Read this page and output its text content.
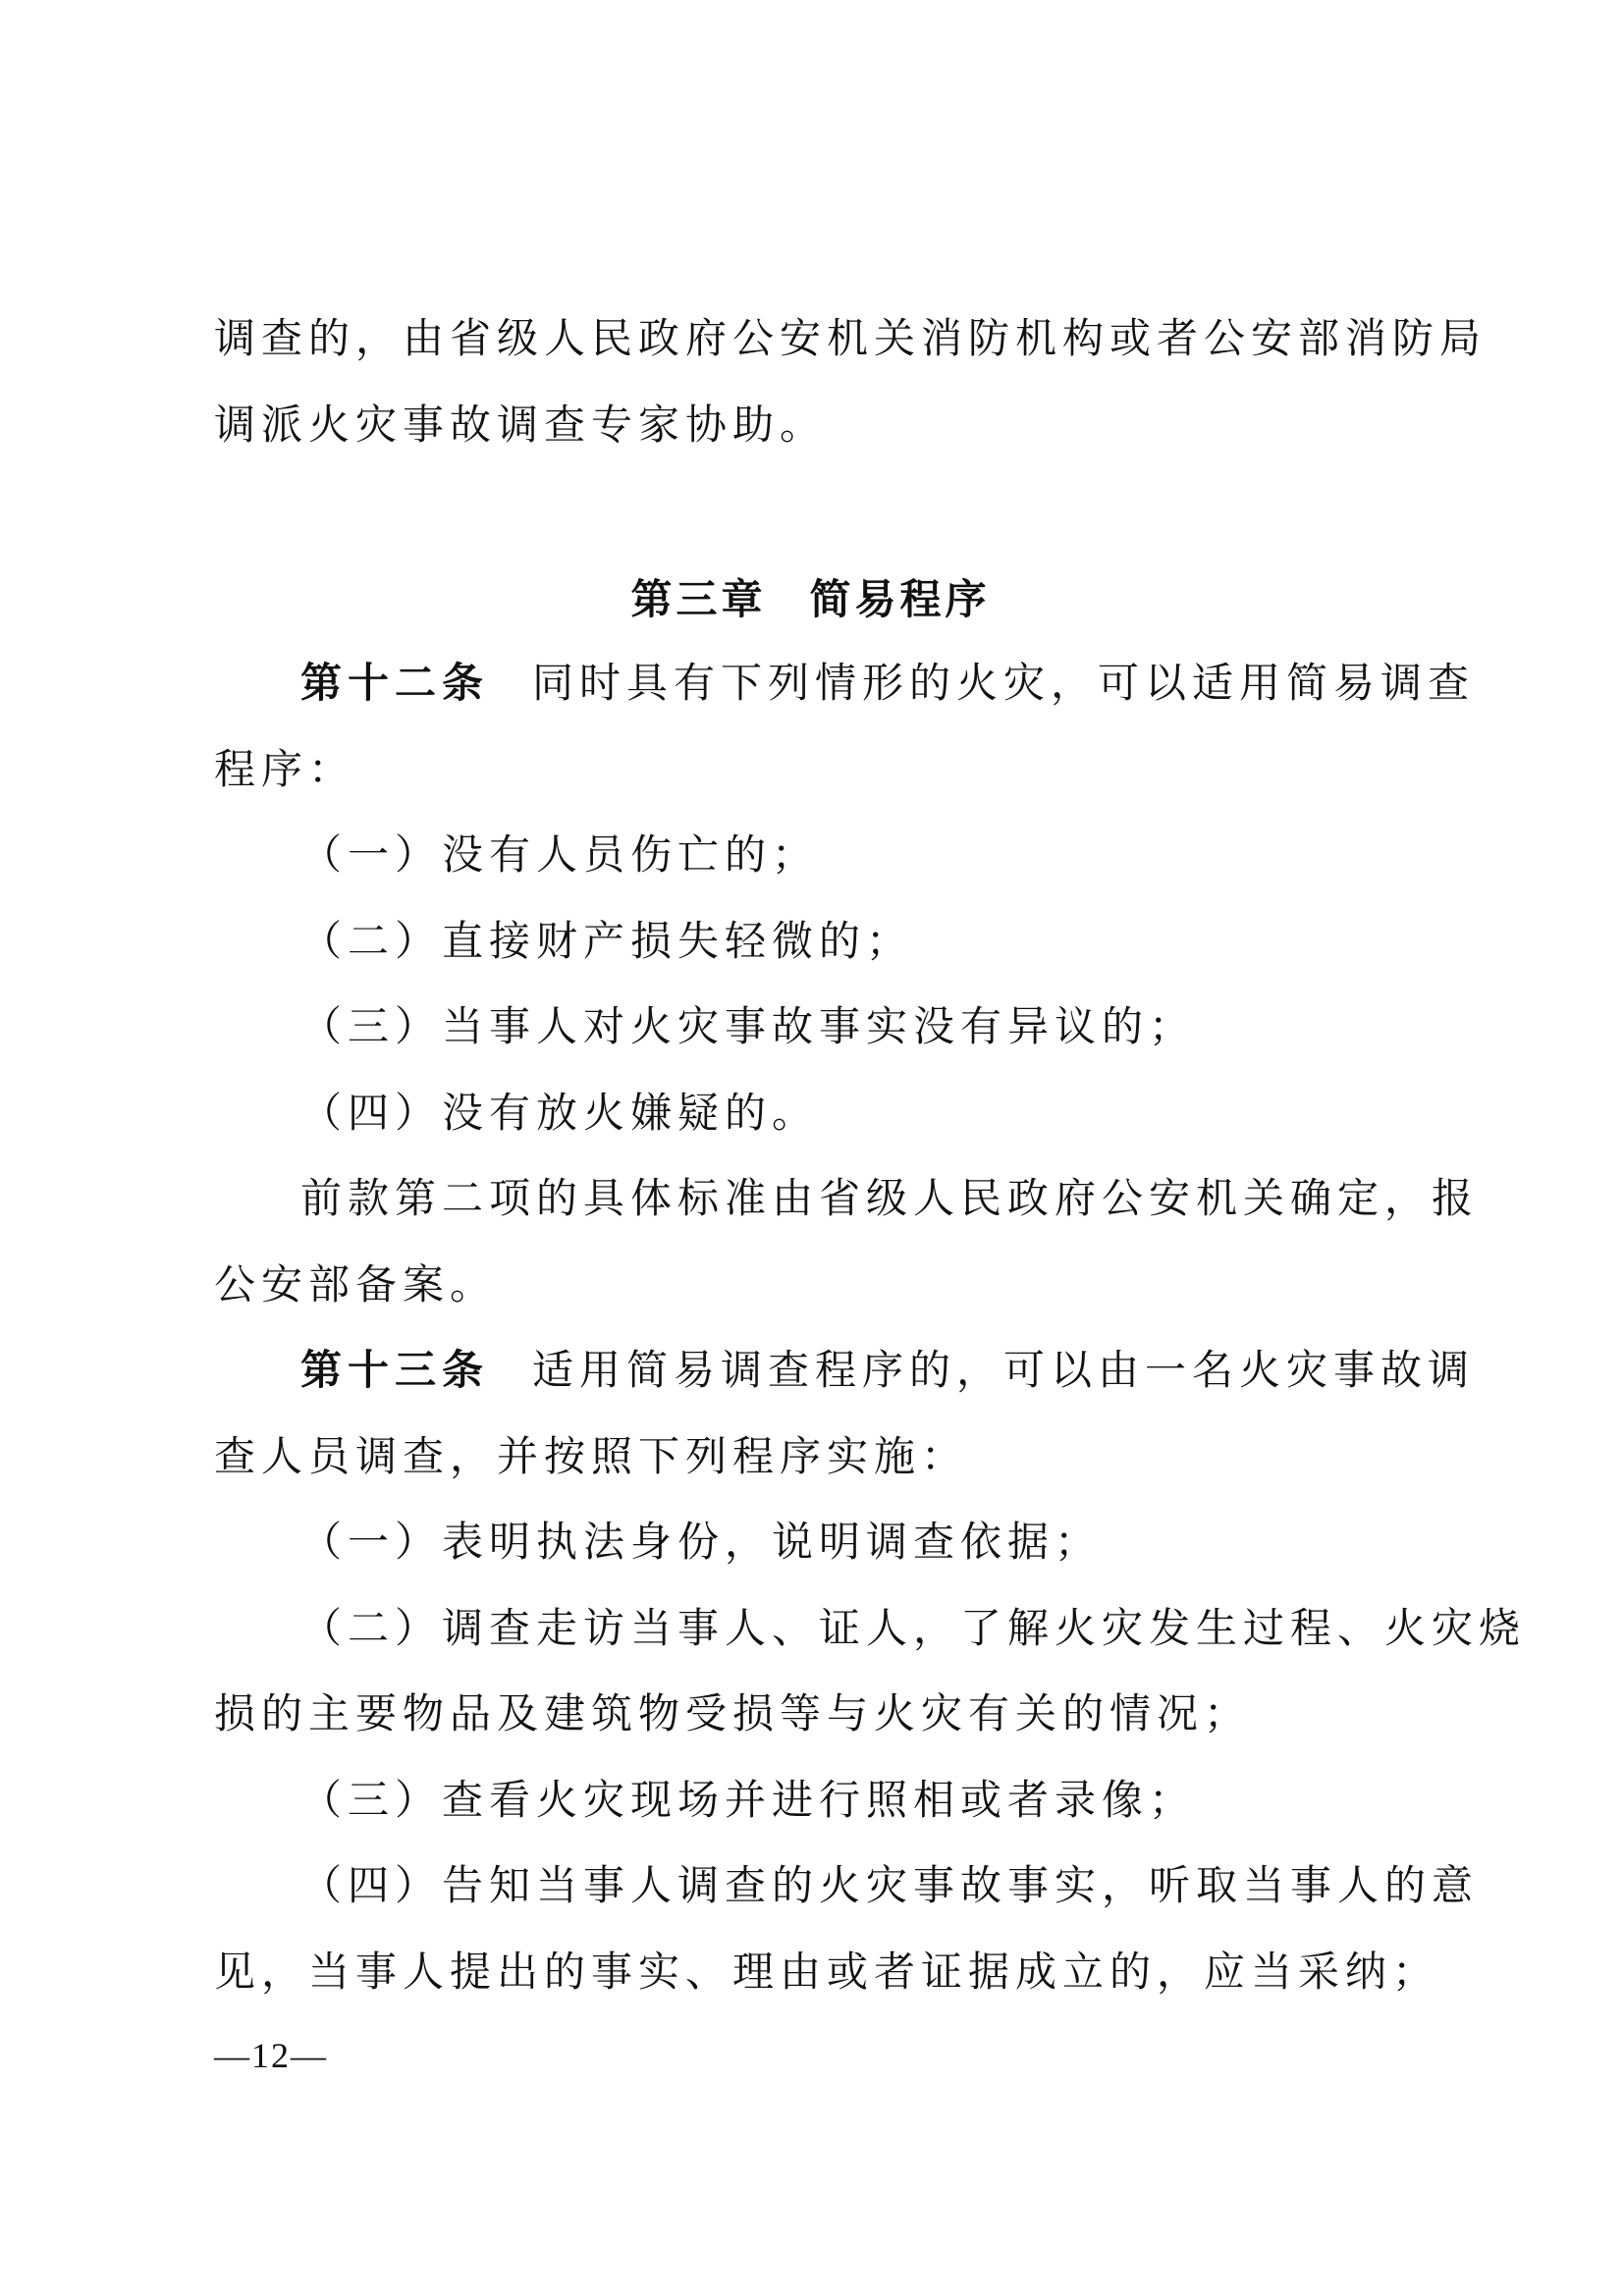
调查的，由省级人民政府公安机关消防机构或者公安部消防局
调派火灾事故调查专家协助。
第三章 简易程序
第十二条 同时具有下列情形的火灾，可以适用简易调查
程序：
（一）没有人员伤亡的；
（二）直接财产损失轻微的；
（三）当事人对火灾事故事实没有异议的；
（四）没有放火嫌疑的。
前款第二项的具体标准由省级人民政府公安机关确定，报
公安部备案。
第十三条 适用简易调查程序的，可以由一名火灾事故调
查人员调查，并按照下列程序实施：
（一）表明执法身份，说明调查依据；
（二）调查走访当事人、证人，了解火灾发生过程、火灾烧
损的主要物品及建筑物受损等与火灾有关的情况；
（三）查看火灾现场并进行照相或者录像；
（四）告知当事人调查的火灾事故事实，听取当事人的意
见，当事人提出的事实、理由或者证据成立的，应当采纳；
—12—
